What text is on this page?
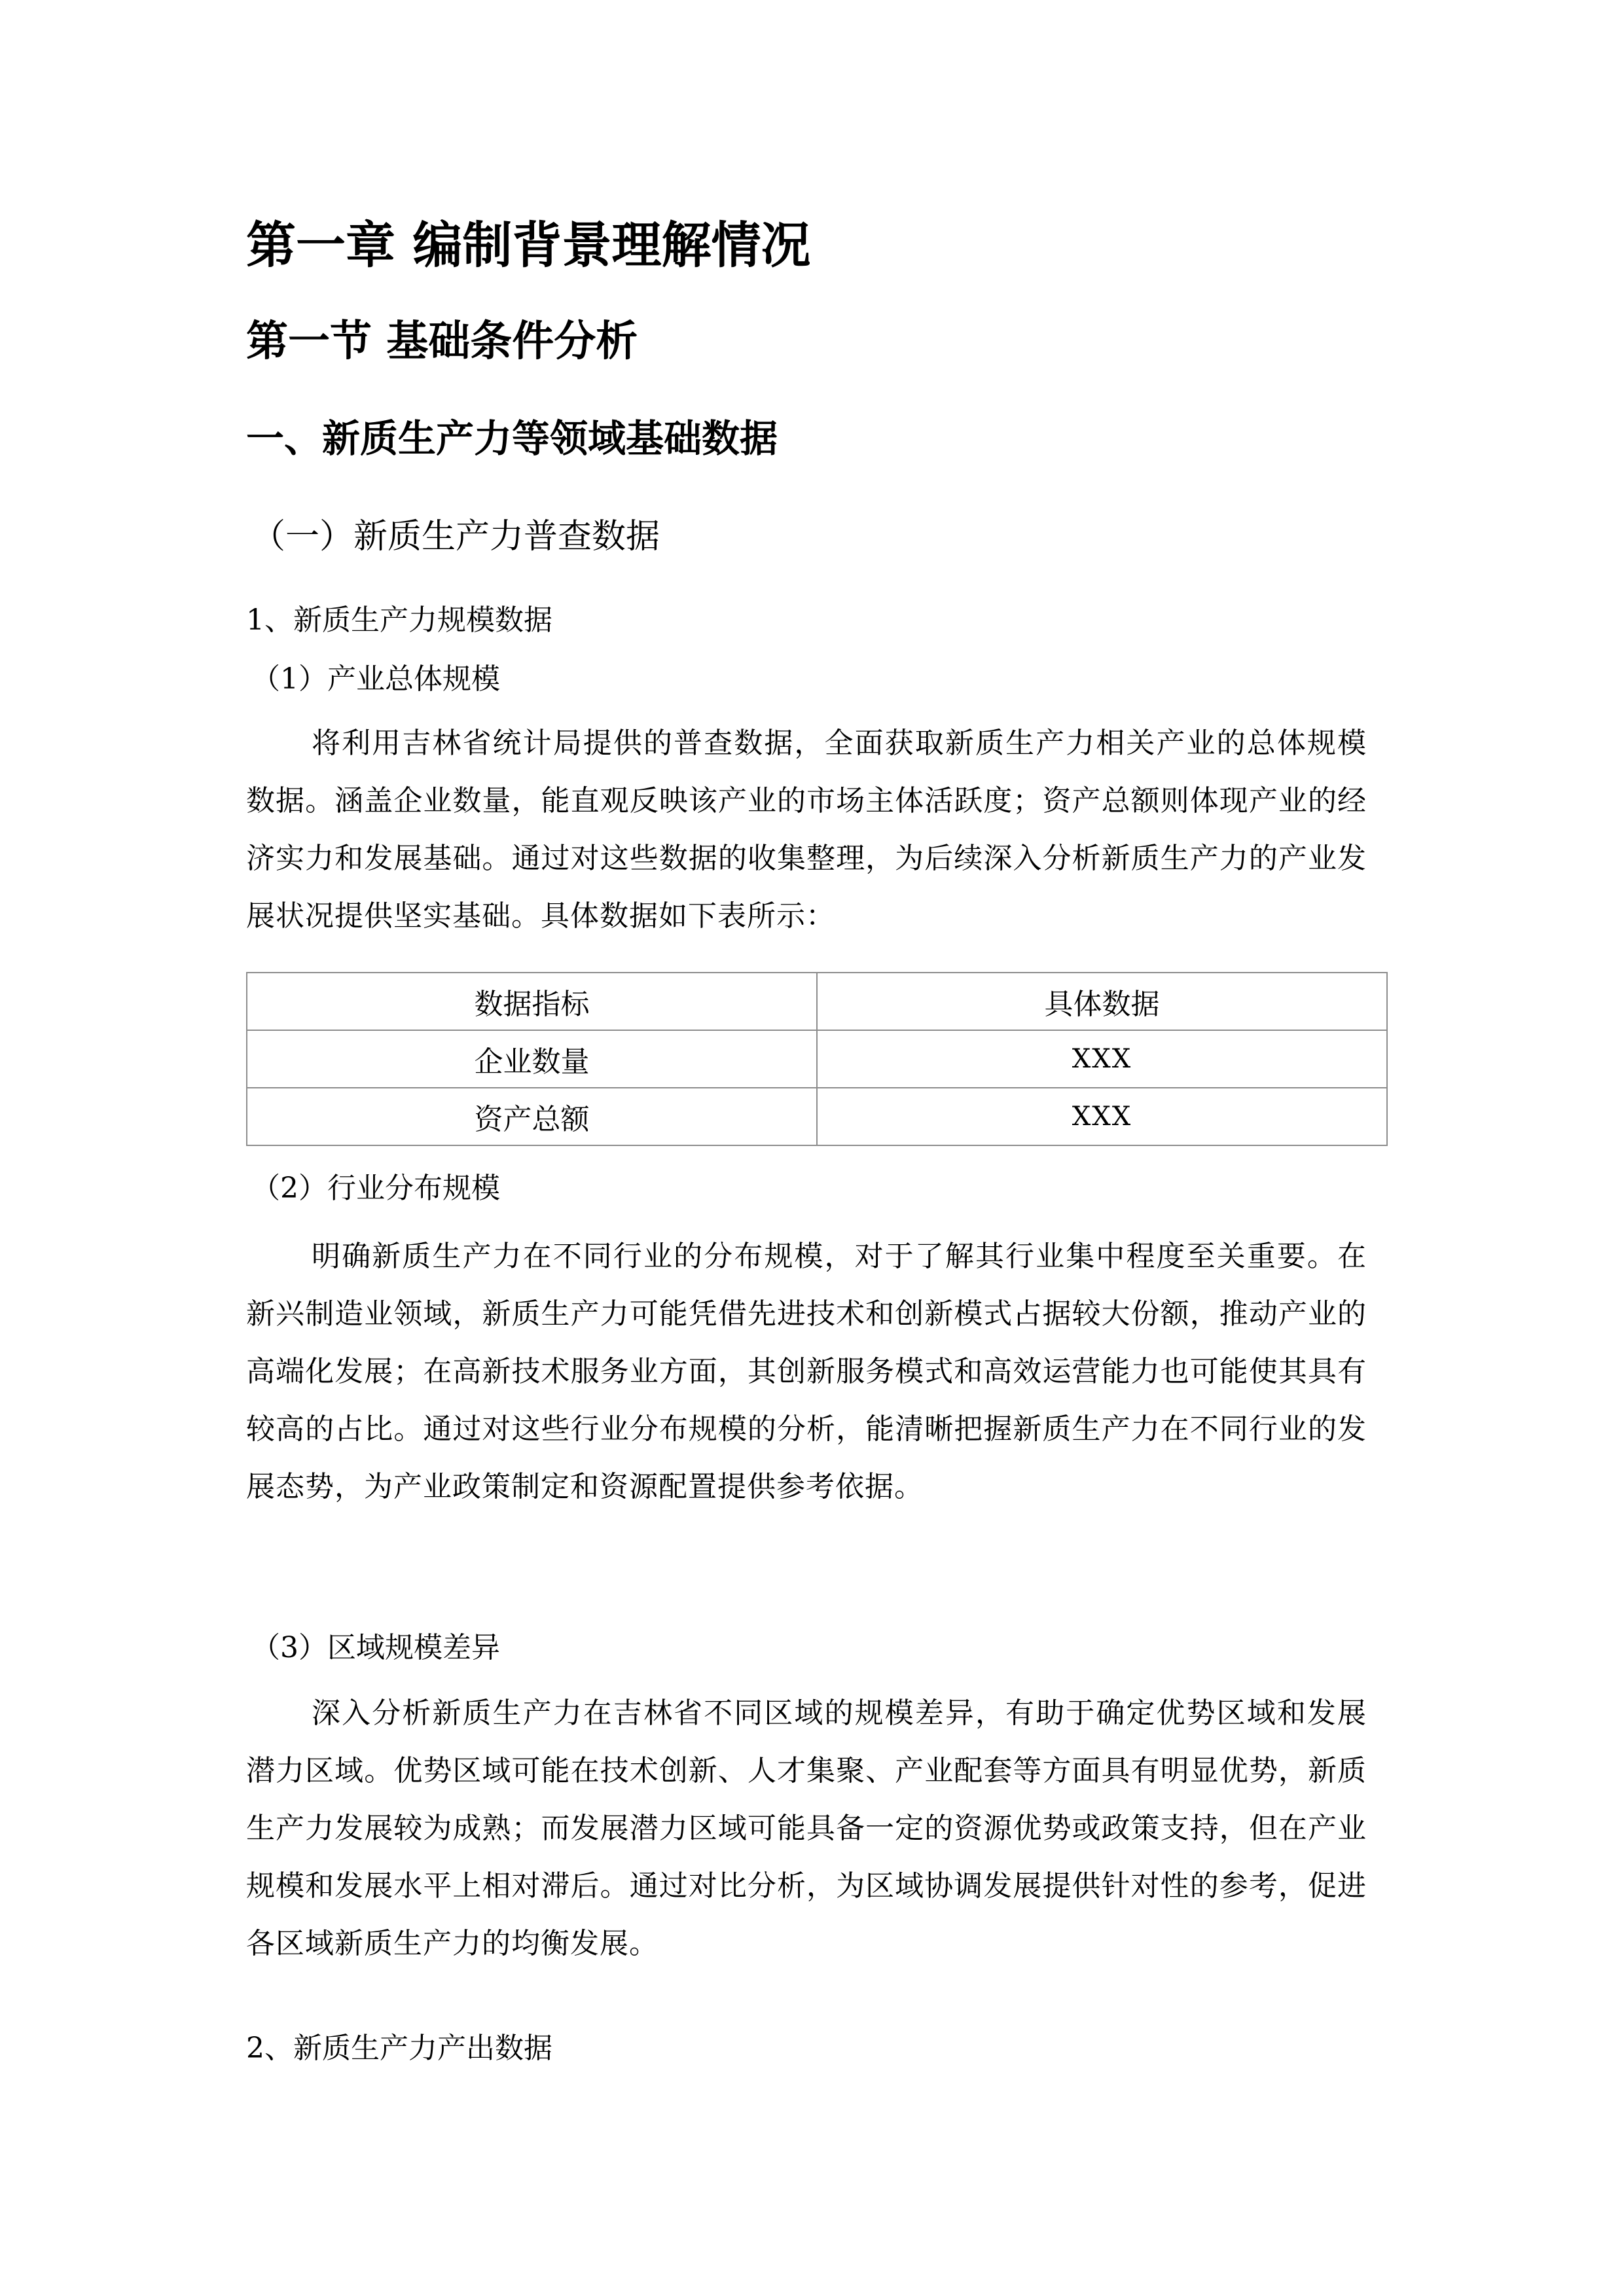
第一章 编制背景理解情况
第一节 基础条件分析
一、新质生产力等领域基础数据
（一）新质生产力普查数据
1、新质生产力规模数据
（1）产业总体规模

将利用吉林省统计局提供的普查数据，全面获取新质生产力相关产业的总体规模数据。涵盖企业数量，能直观反映该产业的市场主体活跃度；资产总额则体现产业的经济实力和发展基础。通过对这些数据的收集整理，为后续深入分析新质生产力的产业发展状况提供坚实基础。具体数据如下表所示：

数据指标	具体数据
企业数量	XXX
资产总额	XXX
（2）行业分布规模

明确新质生产力在不同行业的分布规模，对于了解其行业集中程度至关重要。在新兴制造业领域，新质生产力可能凭借先进技术和创新模式占据较大份额，推动产业的高端化发展；在高新技术服务业方面，其创新服务模式和高效运营能力也可能使其具有较高的占比。通过对这些行业分布规模的分析，能清晰把握新质生产力在不同行业的发展态势，为产业政策制定和资源配置提供参考依据。

（3）区域规模差异

深入分析新质生产力在吉林省不同区域的规模差异，有助于确定优势区域和发展潜力区域。优势区域可能在技术创新、人才集聚、产业配套等方面具有明显优势，新质生产力发展较为成熟；而发展潜力区域可能具备一定的资源优势或政策支持，但在产业规模和发展水平上相对滞后。通过对比分析，为区域协调发展提供针对性的参考，促进各区域新质生产力的均衡发展。

2、新质生产力产出数据
